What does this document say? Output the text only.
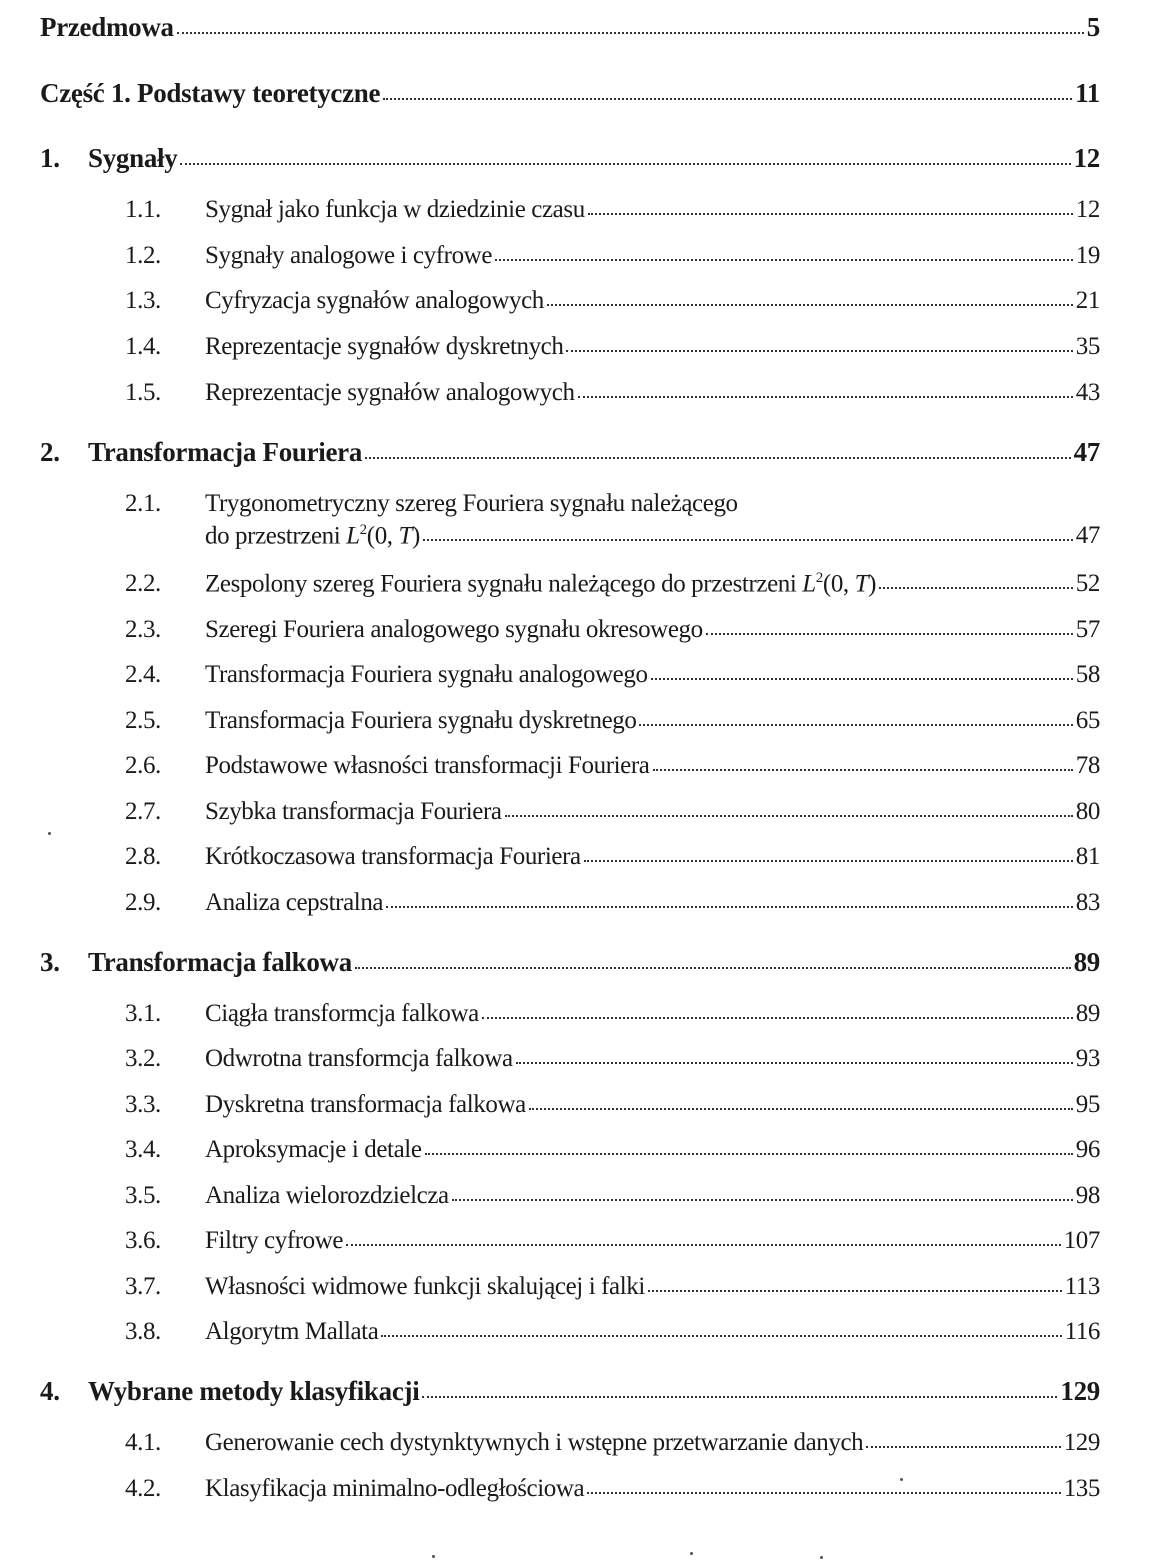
Przedmowa	5
Część 1. Podstawy teoretyczne	11
1.	Sygnały	12
1.1.	Sygnał jako funkcja w dziedzinie czasu	12
1.2.	Sygnały analogowe i cyfrowe	19
1.3.	Cyfryzacja sygnałów analogowych	21
1.4.	Reprezentacje sygnałów dyskretnych	35
1.5.	Reprezentacje sygnałów analogowych	43
2.	Transformacja Fouriera	47
2.1.	Trygonometryczny szereg Fouriera sygnału należącego
do przestrzeni $L^2(0$, T)	47
2.2.	Zespolony szereg Fouriera sygnału należącego do przestrzeni $L^2(0$, T)	52
2.3.	Szeregi Fouriera analogowego sygnału okresowego	57
2.4.	Transformacja Fouriera sygnału analogowego	58
2.5.	Transformacja Fouriera sygnału dyskretnego	65
2.6.	Podstawowe własności transformacji Fouriera	78
2.7.	Szybka transformacja Fouriera	80
2.8.	Krótkoczasowa transformacja Fouriera	81
2.9.	Analiza cepstralna	83
3.	Transformacja falkowa	89
3.1.	Ciągła transformcja falkowa	89
3.2.	Odwrotna transformcja falkowa	93
3.3.	Dyskretna transformacja falkowa	95
3.4.	Aproksymacje i detale	96
3.5.	Analiza wielorozdzielcza	98
3.6.	Filtry cyfrowe	107
3.7.	Własności widmowe funkcji skalującej i falki	113
3.8.	Algorytm Mallata	116
4.	Wybrane metody klasyfikacji	129
4.1.	Generowanie cech dystynktywnych i wstępne przetwarzanie danych	129
4.2.	Klasyfikacja minimalno-odległościowa	135
